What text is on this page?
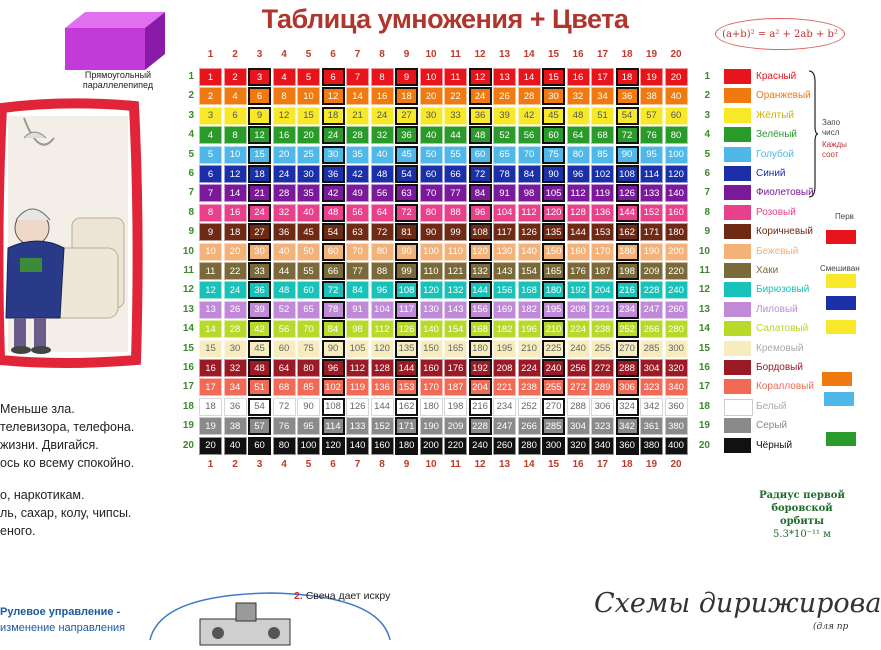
Таблица умножения + Цвета	(a+b)² = a² + 2ab + b²
Прямоугольный параллелепипед
Меньше зла.
телевизора, телефона.
жизни. Двигайся.
ось ко всему спокойно.
о, наркотикам.
ль, сахар, колу, чипсы.
еного.
Рулевое управление -
изменение направления
2. Свеча дает искру	Схемы дирижирова
(для пр
1
1
2
2
3
3
4
4
5
5
6
6
7
7
8
8
9
9
10
10
11
11
12
12
13
13
14
14
15
15
16
16
17
17
18
18
19
19
20
20
1	1
1	2	3	4	5	6	7	8	9	10	11	12	13	14	15	16	17	18	19	20	Красный
2	2
2	4	6	8	10	12	14	16	18	20	22	24	26	28	30	32	34	36	38	40	Оранжевый
3	3
3	6	9	12	15	18	21	24	27	30	33	36	39	42	45	48	51	54	57	60	Жёлтый
4	4
4	8	12	16	20	24	28	32	36	40	44	48	52	56	60	64	68	72	76	80	Зелёный
5	5
5	10	15	20	25	30	35	40	45	50	55	60	65	70	75	80	85	90	95	100	Голубой
6	6
6	12	18	24	30	36	42	48	54	60	66	72	78	84	90	96	102 108 114 120	Синий
7	7
7	14	21	28	35	42	49	56	63	70	77	84	91	98	105 112 119 126 133 140	Фиолетовый
8	8
8	16	24	32	40	48	56	64	72	80	88	96	104 112 120 128 136 144 152 160	Розовый
9	9
9	18	27	36	45	54	63	72	81	90	99	108 117 126 135 144 153 162 171 180	Коричневый
10	10
10	20	30	40	50	60	70	80	90	100 110 120 130 140 150 160 170 180 190 200	Бежевый
11	11
11	22	33	44	55	66	77	88	99	110 121 132 143 154 165 176 187 198 209 220	Хаки
12	12
12	24	36	48	60	72	84	96	108 120 132 144 156 168 180 192 204 216 228 240	Бирюзовый
13	13
13	26	39	52	65	78	91	104 117 130 143 156 169 182 195 208 221 234 247 260	Лиловый
14	14
14	28	42	56	70	84	98	112 126 140 154 168 182 196 210 224 238 252 266 280	Салатовый
15	15
15	30	45	60	75	90	105 120 135 150 165 180 195 210 225 240 255 270 285 300	Кремовый
16	16
16	32	48	64	80	96	112 128 144 160 176 192 208 224 240 256 272 288 304 320	Бордовый
17	17
17	34	51	68	85	102 119 136 153 170 187 204 221 238 255 272 289 306 323 340	Коралловый
18	18
18	36	54	72	90	108 126 144 162 180 198 216 234 252 270 288 306 324 342 360	Белый
19	19
19	38	57	76	95	114 133 152 171 190 209 228 247 266 285 304 323 342 361 380	Серый
20	20
20	40	60	80	100 120 140 160 180 200 220 240 260 280 300 320 340 360 380 400	Чёрный
Запо
числ
Кажды
соот
Перв
Смешиван
Радиус первой
боровской орбиты
5.3*10⁻¹¹ м
